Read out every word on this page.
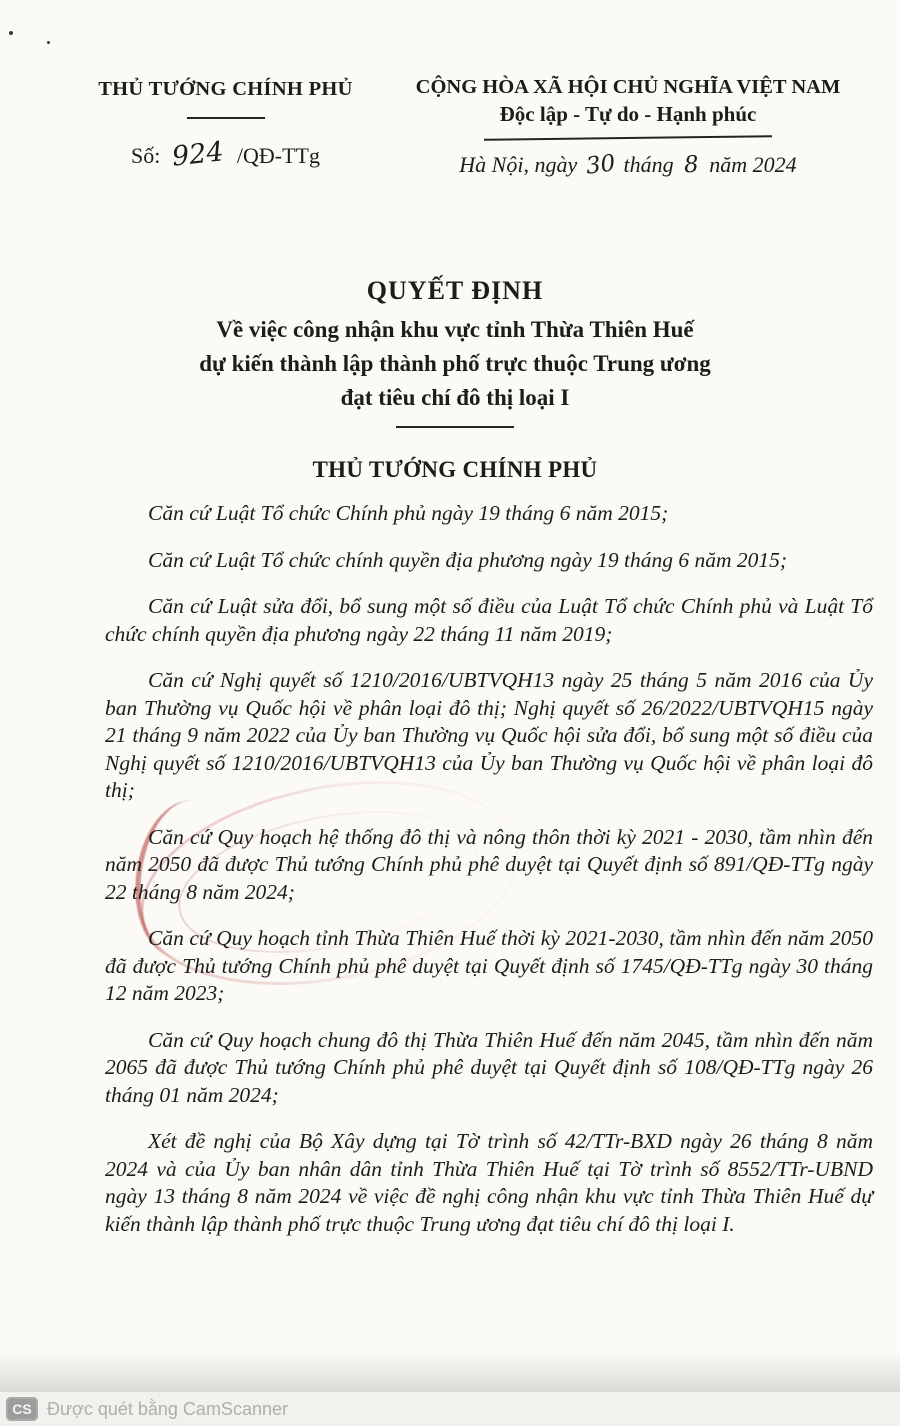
THỦ TƯỚNG CHÍNH PHỦ
Số: 924 /QĐ-TTg
CỘNG HÒA XÃ HỘI CHỦ NGHĨA VIỆT NAM
Độc lập - Tự do - Hạnh phúc
Hà Nội, ngày 30 tháng 8 năm 2024
QUYẾT ĐỊNH
Về việc công nhận khu vực tỉnh Thừa Thiên Huế
dự kiến thành lập thành phố trực thuộc Trung ương
đạt tiêu chí đô thị loại I
THỦ TƯỚNG CHÍNH PHỦ

Căn cứ Luật Tổ chức Chính phủ ngày 19 tháng 6 năm 2015;

Căn cứ Luật Tổ chức chính quyền địa phương ngày 19 tháng 6 năm 2015;

Căn cứ Luật sửa đổi, bổ sung một số điều của Luật Tổ chức Chính phủ và Luật Tổ chức chính quyền địa phương ngày 22 tháng 11 năm 2019;

Căn cứ Nghị quyết số 1210/2016/UBTVQH13 ngày 25 tháng 5 năm 2016 của Ủy ban Thường vụ Quốc hội về phân loại đô thị; Nghị quyết số 26/2022/UBTVQH15 ngày 21 tháng 9 năm 2022 của Ủy ban Thường vụ Quốc hội sửa đổi, bổ sung một số điều của Nghị quyết số 1210/2016/UBTVQH13 của Ủy ban Thường vụ Quốc hội về phân loại đô thị;

Căn cứ Quy hoạch hệ thống đô thị và nông thôn thời kỳ 2021 - 2030, tầm nhìn đến năm 2050 đã được Thủ tướng Chính phủ phê duyệt tại Quyết định số 891/QĐ-TTg ngày 22 tháng 8 năm 2024;

Căn cứ Quy hoạch tỉnh Thừa Thiên Huế thời kỳ 2021-2030, tầm nhìn đến năm 2050 đã được Thủ tướng Chính phủ phê duyệt tại Quyết định số 1745/QĐ-TTg ngày 30 tháng 12 năm 2023;

Căn cứ Quy hoạch chung đô thị Thừa Thiên Huế đến năm 2045, tầm nhìn đến năm 2065 đã được Thủ tướng Chính phủ phê duyệt tại Quyết định số 108/QĐ-TTg ngày 26 tháng 01 năm 2024;

Xét đề nghị của Bộ Xây dựng tại Tờ trình số 42/TTr-BXD ngày 26 tháng 8 năm 2024 và của Ủy ban nhân dân tỉnh Thừa Thiên Huế tại Tờ trình số 8552/TTr-UBND ngày 13 tháng 8 năm 2024 về việc đề nghị công nhận khu vực tỉnh Thừa Thiên Huế dự kiến thành lập thành phố trực thuộc Trung ương đạt tiêu chí đô thị loại I.

CS Được quét bằng CamScanner
